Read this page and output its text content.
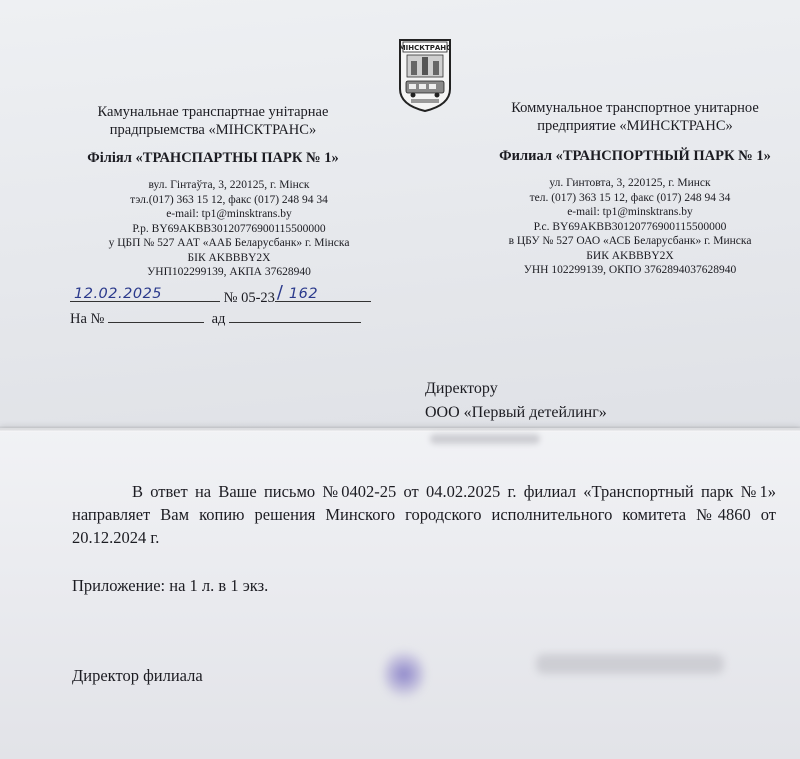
МІНСКТРАНС
Камунальнае транспартнае унітарнае
прадпрыемства «МІНСКТРАНС»
Філіял «ТРАНСПАРТНЫ ПАРК № 1»
вул. Гінтаўта, 3, 220125, г. Мінск
тэл.(017) 363 15 12, факс (017) 248 94 34
e-mail: tp1@minsktrans.by
Р.р. BY69AKBB30120776900115500000
у ЦБП № 527 ААТ «ААБ Беларусбанк» г. Мінска
БІК AKBBBY2X
УНП102299139, АКПА 37628940
Коммунальное транспортное унитарное
предприятие «МИНСКТРАНС»
Филиал «ТРАНСПОРТНЫЙ ПАРК № 1»
ул. Гинтовта, 3, 220125, г. Минск
тел. (017) 363 15 12, факс (017) 248 94 34
e-mail: tp1@minsktrans.by
Р.с. BY69AKBB30120776900115500000
в ЦБУ № 527 ОАО «АСБ Беларусбанк» г. Минска
БИК AKBBBY2X
УНН 102299139, ОКПО 3762894037628940
12.02.2025	№ 05-23 / 162
На №	ад
Директору
ООО «Первый детейлинг»
В ответ на Ваше письмо №0402-25 от 04.02.2025 г. филиал «Транспортный парк №1» направляет Вам копию решения Минского городского исполнительного комитета №4860 от 20.12.2024 г.
Приложение: на 1 л. в 1 экз.
Директор филиала
